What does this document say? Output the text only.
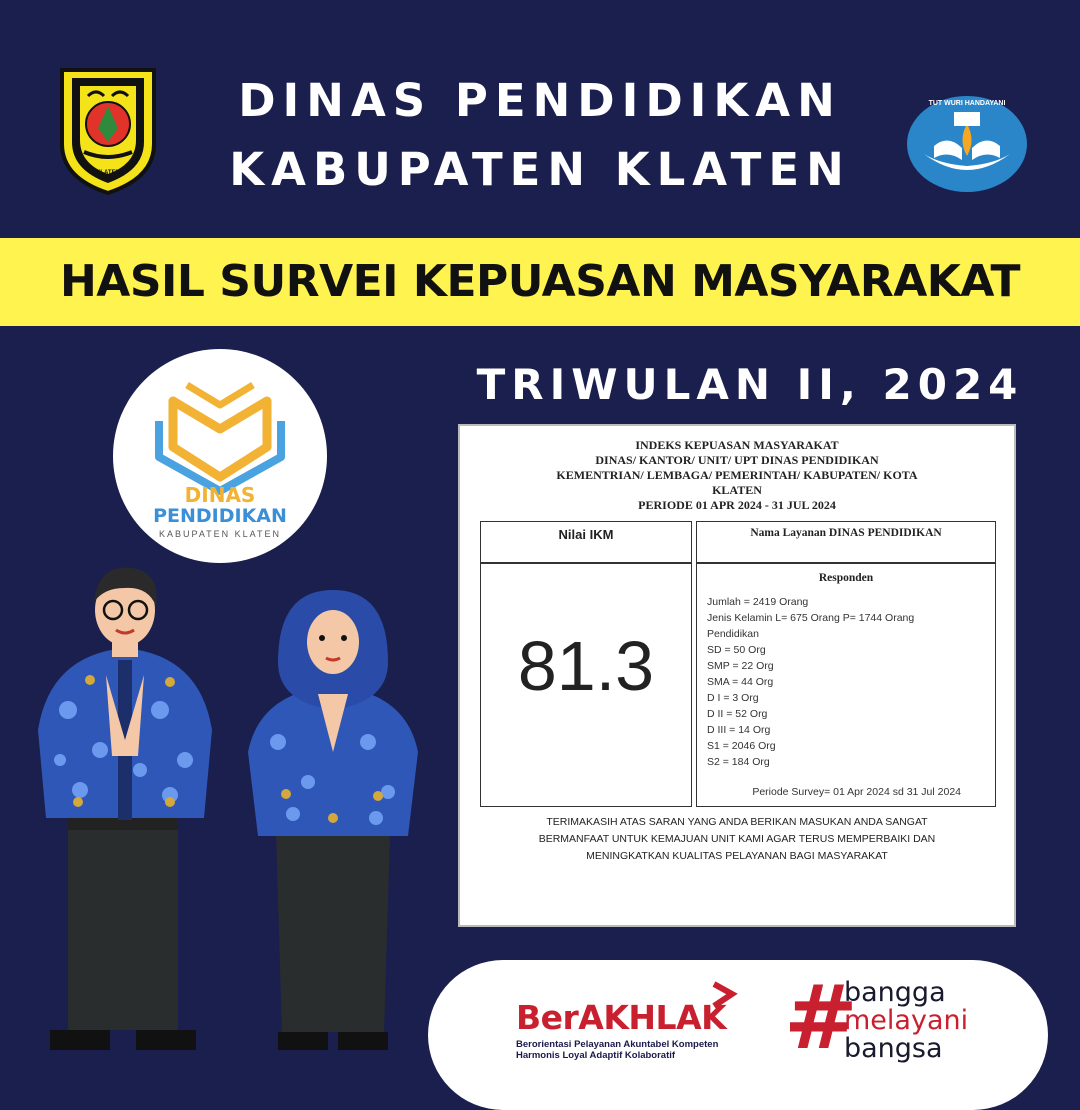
DINAS PENDIDIKAN
KABUPATEN KLATEN
KLATEN
TUT WURI HANDAYANI
HASIL SURVEI KEPUASAN MASYARAKAT
TRIWULAN II, 2024
DINAS
PENDIDIKAN
KABUPATEN KLATEN
INDEKS KEPUASAN MASYARAKAT
DINAS/ KANTOR/ UNIT/ UPT DINAS PENDIDIKAN
KEMENTRIAN/ LEMBAGA/ PEMERINTAH/ KABUPATEN/ KOTA
KLATEN
PERIODE 01 APR 2024 - 31 JUL 2024
Nilai IKM	Nama Layanan DINAS PENDIDIKAN
81.3
Responden
Jumlah = 2419 Orang
Jenis Kelamin L= 675 Orang P= 1744 Orang
Pendidikan
SD = 50 Org
SMP = 22 Org
SMA = 44 Org
D I = 3 Org
D II = 52 Org
D III = 14 Org
S1 = 2046 Org
S2 = 184 Org
Periode Survey= 01 Apr 2024 sd 31 Jul 2024
TERIMAKASIH ATAS SARAN YANG ANDA BERIKAN MASUKAN ANDA SANGAT
BERMANFAAT UNTUK KEMAJUAN UNIT KAMI AGAR TERUS MEMPERBAIKI DAN
MENINGKATKAN KUALITAS PELAYANAN BAGI MASYARAKAT
BerAKHLAK
Berorientasi Pelayanan Akuntabel Kompeten
Harmonis Loyal Adaptif Kolaboratif	#
bangga
melayani
bangsa
